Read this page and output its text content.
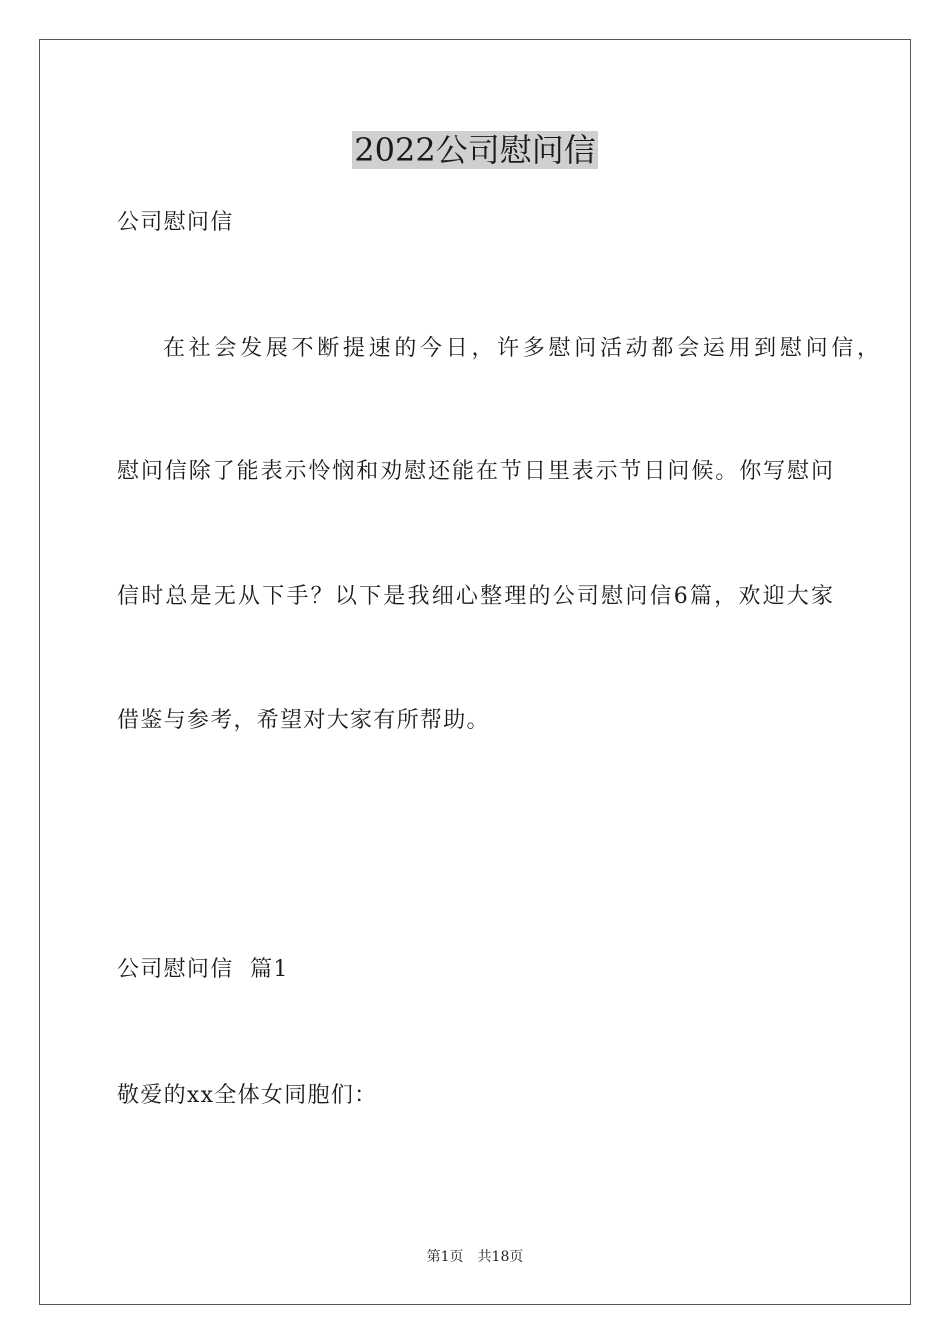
2022公司慰问信
公司慰问信
在社会发展不断提速的今日，许多慰问活动都会运用到慰问信，
慰问信除了能表示怜悯和劝慰还能在节日里表示节日问候。你写慰问
信时总是无从下手？以下是我细心整理的公司慰问信6篇，欢迎大家
借鉴与参考，希望对大家有所帮助。
公司慰问信  篇1
敬爱的xx全体女同胞们：
第1页 共18页
